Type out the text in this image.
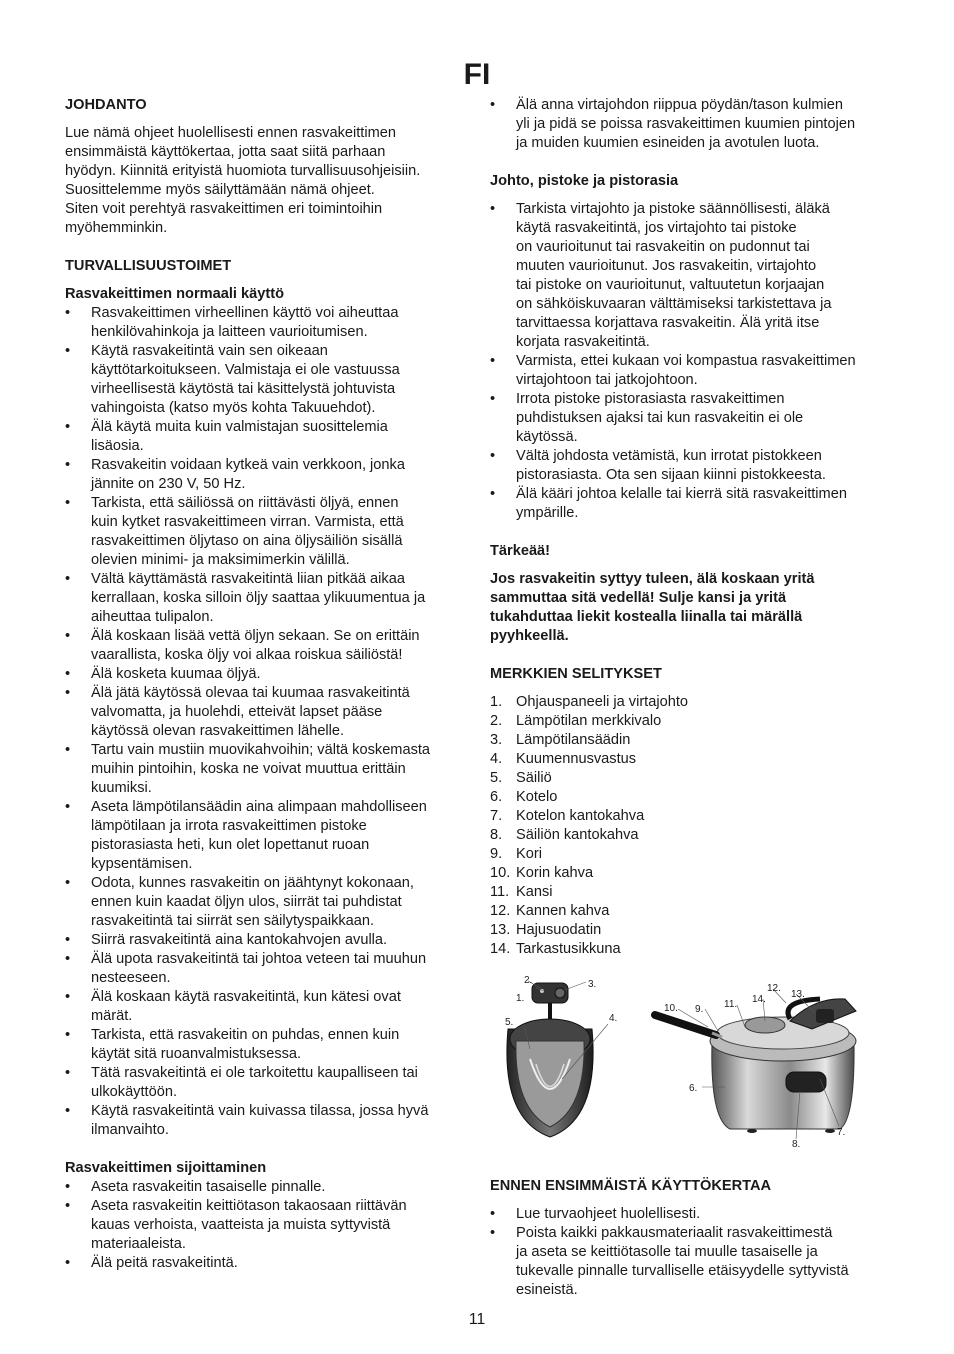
FI
JOHDANTO

Lue nämä ohjeet huolellisesti ennen rasvakeittimen
ensimmäistä käyttökertaa, jotta saat siitä parhaan
hyödyn. Kiinnitä erityistä huomiota turvallisuusohjeisiin.
Suosittelemme myös säilyttämään nämä ohjeet.
Siten voit perehtyä rasvakeittimen eri toimintoihin
myöhemminkin.

TURVALLISUUSTOIMET
Rasvakeittimen normaali käyttö
• Rasvakeittimen virheellinen käyttö voi aiheuttaa
henkilövahinkoja ja laitteen vaurioitumisen.
• Käytä rasvakeitintä vain sen oikeaan
käyttötarkoitukseen. Valmistaja ei ole vastuussa
virheellisestä käytöstä tai käsittelystä johtuvista
vahingoista (katso myös kohta Takuuehdot).
• Älä käytä muita kuin valmistajan suosittelemia
lisäosia.
• Rasvakeitin voidaan kytkeä vain verkkoon, jonka
jännite on 230 V, 50 Hz.
• Tarkista, että säiliössä on riittävästi öljyä, ennen
kuin kytket rasvakeittimeen virran. Varmista, että
rasvakeittimen öljytaso on aina öljysäiliön sisällä
olevien minimi- ja maksimimerkin välillä.
• Vältä käyttämästä rasvakeitintä liian pitkää aikaa
kerrallaan, koska silloin öljy saattaa ylikuumentua ja
aiheuttaa tulipalon.
• Älä koskaan lisää vettä öljyn sekaan. Se on erittäin
vaarallista, koska öljy voi alkaa roiskua säiliöstä!
• Älä kosketa kuumaa öljyä.
• Älä jätä käytössä olevaa tai kuumaa rasvakeitintä
valvomatta, ja huolehdi, etteivät lapset pääse
käytössä olevan rasvakeittimen lähelle.
• Tartu vain mustiin muovikahvoihin; vältä koskemasta
muihin pintoihin, koska ne voivat muuttua erittäin
kuumiksi.
• Aseta lämpötilansäädin aina alimpaan mahdolliseen
lämpötilaan ja irrota rasvakeittimen pistoke
pistorasiasta heti, kun olet lopettanut ruoan
kypsentämisen.
• Odota, kunnes rasvakeitin on jäähtynyt kokonaan,
ennen kuin kaadat öljyn ulos, siirrät tai puhdistat
rasvakeitintä tai siirrät sen säilytyspaikkaan.
• Siirrä rasvakeitintä aina kantokahvojen avulla.
• Älä upota rasvakeitintä tai johtoa veteen tai muuhun
nesteeseen.
• Älä koskaan käytä rasvakeitintä, kun kätesi ovat
märät.
• Tarkista, että rasvakeitin on puhdas, ennen kuin
käytät sitä ruoanvalmistuksessa.
• Tätä rasvakeitintä ei ole tarkoitettu kaupalliseen tai
ulkokäyttöön.
• Käytä rasvakeitintä vain kuivassa tilassa, jossa hyvä
ilmanvaihto.
Rasvakeittimen sijoittaminen
• Aseta rasvakeitin tasaiselle pinnalle.
• Aseta rasvakeitin keittiötason takaosaan riittävän
kauas verhoista, vaatteista ja muista syttyvistä
materiaaleista.
• Älä peitä rasvakeitintä.
• Älä anna virtajohdon riippua pöydän/tason kulmien
yli ja pidä se poissa rasvakeittimen kuumien pintojen
ja muiden kuumien esineiden ja avotulen luota.
Johto, pistoke ja pistorasia
• Tarkista virtajohto ja pistoke säännöllisesti, äläkä
käytä rasvakeitintä, jos virtajohto tai pistoke
on vaurioitunut tai rasvakeitin on pudonnut tai
muuten vaurioitunut. Jos rasvakeitin, virtajohto
tai pistoke on vaurioitunut, valtuutetun korjaajan
on sähköiskuvaaran välttämiseksi tarkistettava ja
tarvittaessa korjattava rasvakeitin. Älä yritä itse
korjata rasvakeitintä.
• Varmista, ettei kukaan voi kompastua rasvakeittimen
virtajohtoon tai jatkojohtoon.
• Irrota pistoke pistorasiasta rasvakeittimen
puhdistuksen ajaksi tai kun rasvakeitin ei ole
käytössä.
• Vältä johdosta vetämistä, kun irrotat pistokkeen
pistorasiasta. Ota sen sijaan kiinni pistokkeesta.
• Älä kääri johtoa kelalle tai kierrä sitä rasvakeittimen
ympärille.
Tärkeää!

Jos rasvakeitin syttyy tuleen, älä koskaan yritä
sammuttaa sitä vedellä! Sulje kansi ja yritä
tukahduttaa liekit kostealla liinalla tai märällä
pyyhkeellä.

MERKKIEN SELITYKSET
1. Ohjauspaneeli ja virtajohto
2. Lämpötilan merkkivalo
3. Lämpötilansäädin
4. Kuumennusvastus
5. Säiliö
6. Kotelo
7. Kotelon kantokahva
8. Säiliön kantokahva
9. Kori
10. Korin kahva
11. Kansi
12. Kannen kahva
13. Hajusuodatin
14. Tarkastusikkuna
1.
2.	3.
4.
5.
6.
7.
8.
9.
10.	11.
12.
13.
14.
ENNEN ENSIMMÄISTÄ KÄYTTÖKERTAA
• Lue turvaohjeet huolellisesti.
• Poista kaikki pakkausmateriaalit rasvakeittimestä
ja aseta se keittiötasolle tai muulle tasaiselle ja
tukevalle pinnalle turvalliselle etäisyydelle syttyvistä
esineistä.
11
